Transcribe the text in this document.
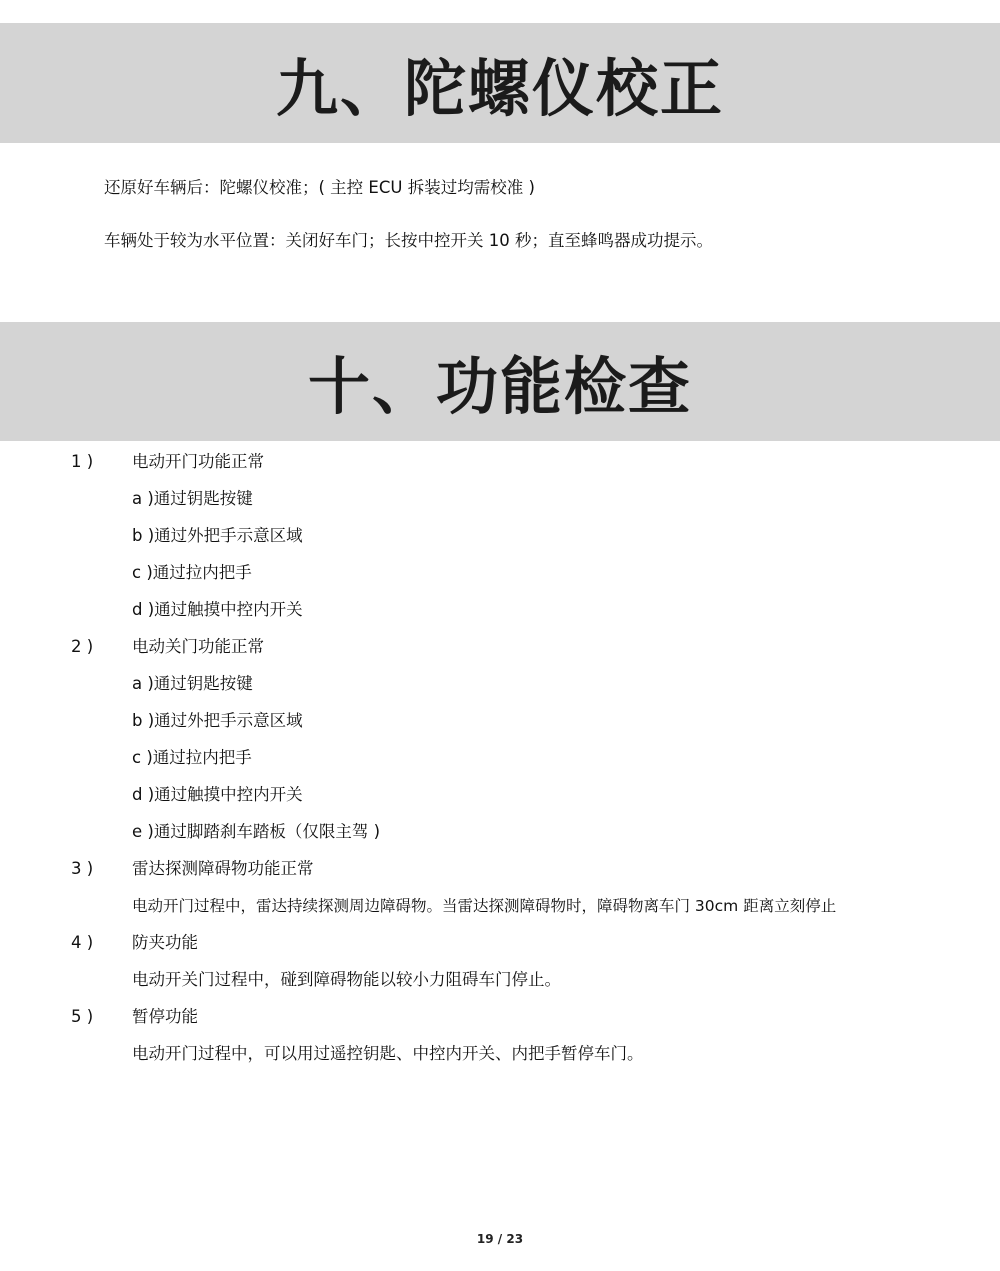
九、陀螺仪校正
还原好车辆后：陀螺仪校准；( 主控 ECU 拆装过均需校准 )
车辆处于较为水平位置：关闭好车门；长按中控开关 10 秒；直至蜂鸣器成功提示。
十、功能检查
1 ) 电动开门功能正常
a )通过钥匙按键
b )通过外把手示意区域
c )通过拉内把手
d )通过触摸中控内开关
2 ) 电动关门功能正常
a )通过钥匙按键
b )通过外把手示意区域
c )通过拉内把手
d )通过触摸中控内开关
e )通过脚踏刹车踏板（仅限主驾 )
3 ) 雷达探测障碍物功能正常
电动开门过程中，雷达持续探测周边障碍物。当雷达探测障碍物时，障碍物离车门 30cm 距离立刻停止
4 ) 防夹功能
电动开关门过程中，碰到障碍物能以较小力阻碍车门停止。
5 ) 暂停功能
电动开门过程中，可以用过遥控钥匙、中控内开关、内把手暂停车门。
19 / 23
